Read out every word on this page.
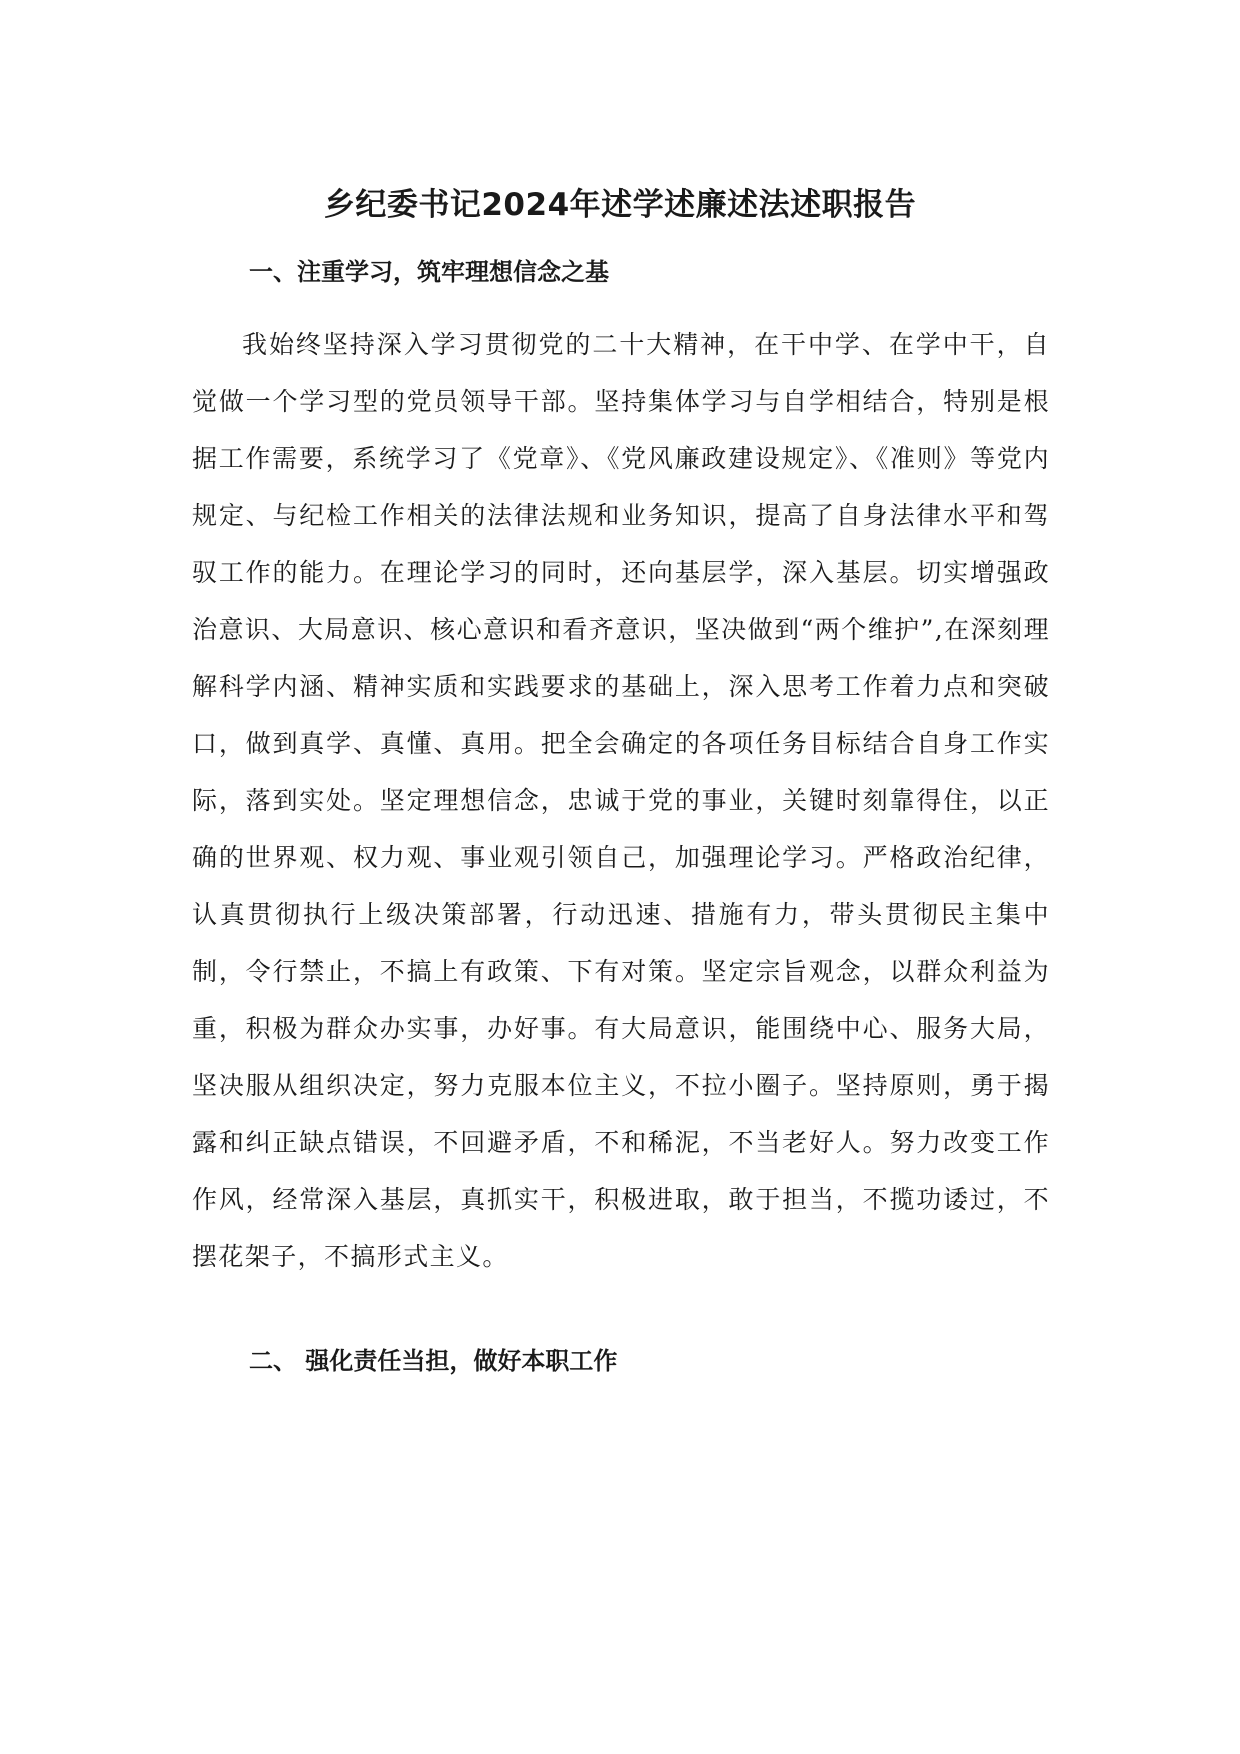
乡纪委书记2024年述学述廉述法述职报告
一、注重学习，筑牢理想信念之基

我始终坚持深入学习贯彻党的二十大精神，在干中学、在学中干，自觉做一个学习型的党员领导干部。坚持集体学习与自学相结合，特别是根据工作需要，系统学习了《党章》、《党风廉政建设规定》、《准则》等党内规定、与纪检工作相关的法律法规和业务知识，提高了自身法律水平和驾驭工作的能力。在理论学习的同时，还向基层学，深入基层。切实增强政治意识、大局意识、核心意识和看齐意识，坚决做到“两个维护”,在深刻理解科学内涵、精神实质和实践要求的基础上，深入思考工作着力点和突破口，做到真学、真懂、真用。把全会确定的各项任务目标结合自身工作实际，落到实处。坚定理想信念，忠诚于党的事业，关键时刻靠得住，以正确的世界观、权力观、事业观引领自己，加强理论学习。严格政治纪律，认真贯彻执行上级决策部署，行动迅速、措施有力，带头贯彻民主集中制，令行禁止，不搞上有政策、下有对策。坚定宗旨观念，以群众利益为重，积极为群众办实事，办好事。有大局意识，能围绕中心、服务大局，坚决服从组织决定，努力克服本位主义，不拉小圈子。坚持原则，勇于揭露和纠正缺点错误，不回避矛盾，不和稀泥，不当老好人。努力改变工作作风，经常深入基层，真抓实干，积极进取，敢于担当，不揽功诿过，不摆花架子，不搞形式主义。

二、 强化责任当担，做好本职工作
